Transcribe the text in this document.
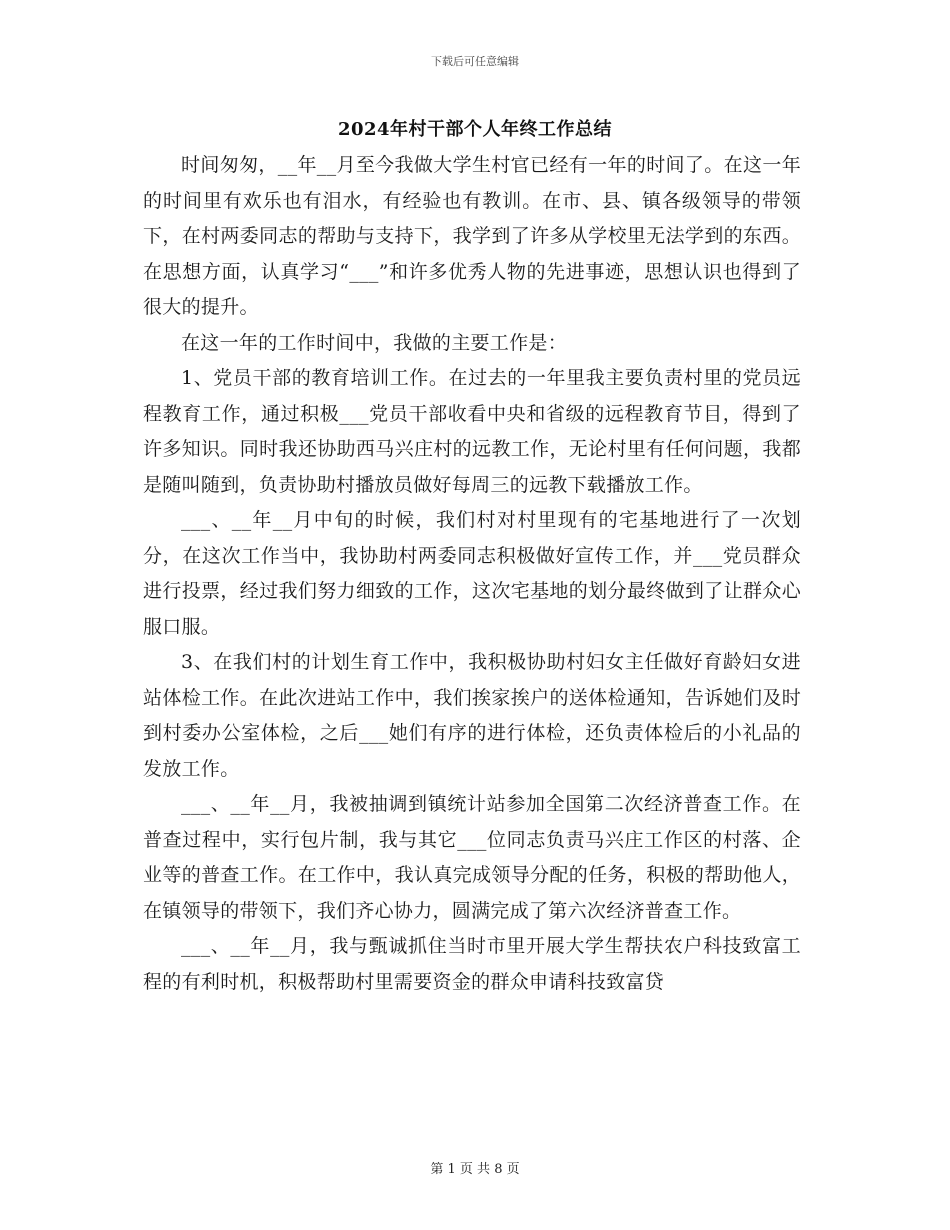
下载后可任意编辑
2024年村干部个人年终工作总结

时间匆匆，__年__月至今我做大学生村官已经有一年的时间了。在这一年的时间里有欢乐也有泪水，有经验也有教训。在市、县、镇各级领导的带领下，在村两委同志的帮助与支持下，我学到了许多从学校里无法学到的东西。在思想方面，认真学习“___”和许多优秀人物的先进事迹，思想认识也得到了很大的提升。

在这一年的工作时间中，我做的主要工作是：

1、党员干部的教育培训工作。在过去的一年里我主要负责村里的党员远程教育工作，通过积极___党员干部收看中央和省级的远程教育节目，得到了许多知识。同时我还协助西马兴庄村的远教工作，无论村里有任何问题，我都是随叫随到，负责协助村播放员做好每周三的远教下载播放工作。

___、__年__月中旬的时候，我们村对村里现有的宅基地进行了一次划分，在这次工作当中，我协助村两委同志积极做好宣传工作，并___党员群众进行投票，经过我们努力细致的工作，这次宅基地的划分最终做到了让群众心服口服。

3、在我们村的计划生育工作中，我积极协助村妇女主任做好育龄妇女进站体检工作。在此次进站工作中，我们挨家挨户的送体检通知，告诉她们及时到村委办公室体检，之后___她们有序的进行体检，还负责体检后的小礼品的发放工作。

___、__年__月，我被抽调到镇统计站参加全国第二次经济普查工作。在普查过程中，实行包片制，我与其它___位同志负责马兴庄工作区的村落、企业等的普查工作。在工作中，我认真完成领导分配的任务，积极的帮助他人，在镇领导的带领下，我们齐心协力，圆满完成了第六次经济普查工作。

___、__年__月，我与甄诚抓住当时市里开展大学生帮扶农户科技致富工程的有利时机，积极帮助村里需要资金的群众申请科技致富贷

第 1 页 共 8 页
